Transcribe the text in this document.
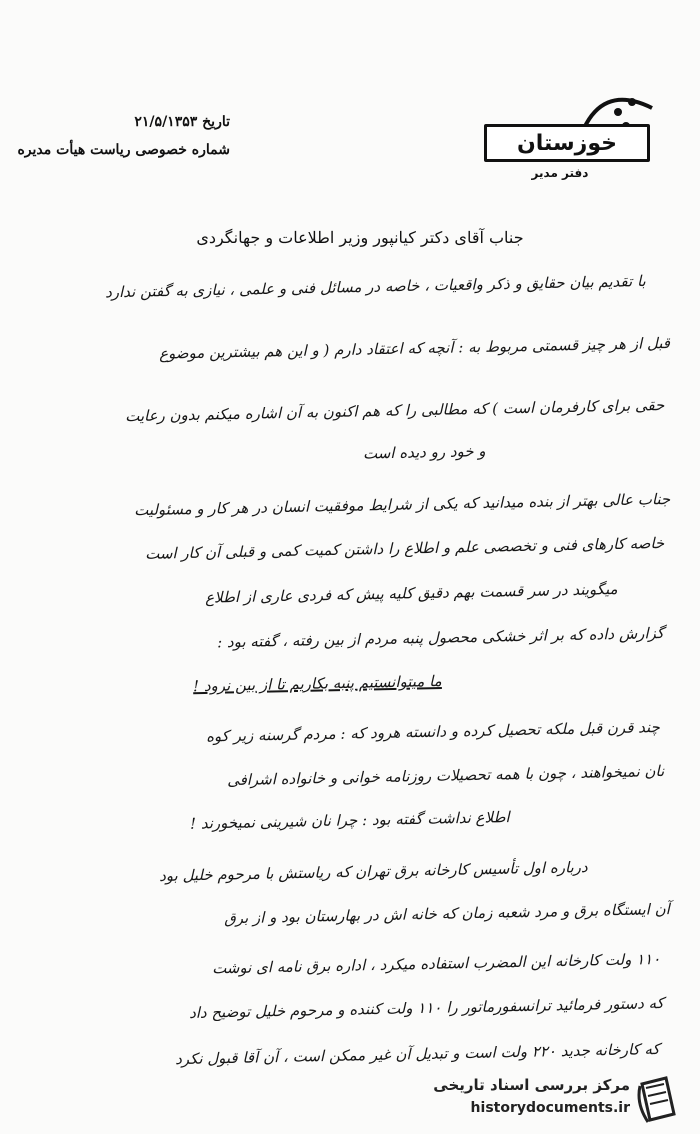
تاریخ ۲۱/۵/۱۳۵۳
شماره خصوصی ریاست هیأت مدیره	خوزستان
دفتر مدیر
جناب آقای دکتر کیانپور وزیر اطلاعات و جهانگردی
با تقدیم بیان حقایق و ذکر واقعیات ، خاصه در مسائل فنی و علمی ، نیازی به گفتن ندارد
قبل از هر چیز قسمتی مربوط به : آنچه که اعتقاد دارم ( و این هم بیشترین موضوع
حقی برای کارفرمان است ) که مطالبی را که هم اکنون به آن اشاره میکنم بدون رعایت
و خود رو دیده است
جناب عالی بهتر از بنده میدانید که یکی از شرایط موفقیت انسان در هر کار و مسئولیت
خاصه کارهای فنی و تخصصی علم و اطلاع را داشتن کمیت کمی و قبلی آن کار است
میگویند در سر قسمت بهم دقیق کلیه پیش که فردی عاری از اطلاع
گزارش داده که بر اثر خشکی محصول پنبه مردم از بین رفته ، گفته بود :
ما میتوانستیم پنبه بکاریم تا از بین نرود !
چند قرن قبل ملکه تحصیل کرده و دانسته هرود که : مردم گرسنه زیر کوه
نان نمیخواهند ، چون با همه تحصیلات روزنامه خوانی و خانواده اشرافی
اطلاع نداشت گفته بود : چرا نان شیرینی نمیخورند !
درباره اول تأسیس کارخانه برق تهران که ریاستش با مرحوم خلیل بود
آن ایستگاه برق و مرد شعبه زمان که خانه اش در بهارستان بود و از برق
۱۱۰ ولت کارخانه این المضرب استفاده میکرد ، اداره برق نامه ای نوشت
که دستور فرمائید ترانسفورماتور را ۱۱۰ ولت کننده و مرحوم خلیل توضیح داد
که کارخانه جدید ۲۲۰ ولت است و تبدیل آن غیر ممکن است ، آن آقا قبول نکرد
مرکز بررسی اسناد تاریخی
historydocuments.ir
